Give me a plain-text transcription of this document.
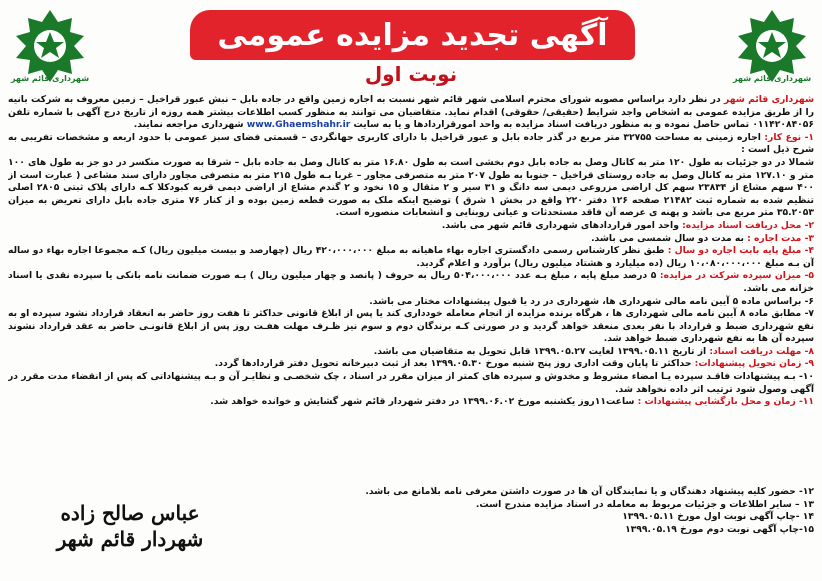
شهرداری قائم شهر	شهرداری قائم شهر
آگهی تجدید مزایده عمومی
نوبت اول

شهرداری قائم شهر در نظر دارد براساس مصوبه شورای محترم اسلامی شهر قائم شهر نسبت به اجاره زمین واقع در جاده بابل – نبش عبور قراخیل – زمین معروف به شرکت بانیه را از طریق مزایده عمومی به اشخاص واجد شرایط (حقیقی/ حقوقی) اقدام نماید. متقاضیان می توانند به منظور کسب اطلاعات بیشتر همه روزه از تاریخ درج آگهی با شماره تلفن ۰۱۱۴۲۰۸۴۰۵۶ تماس حاصل نموده و به منظور دریافت اسناد مزایده به واحد امورقراردادها و یا به سایت www.Ghaemshahr.ir شهرداری مراجعه نمایند.

۱- نوع کار: اجاره زمینی به مساحت ۳۲۷۵۵ متر مربع در گذر جاده بابل و عبور قراخیل با دارای کاربری جهانگردی – قسمتی فضای سبز عمومی با حدود اربعه و مشخصات تفریبی به شرح ذیل است :

شمالا در دو جزئیات به طول ۱۲۰ متر به کانال وصل به جاده بابل دوم بخشی است به طول ۱۶.۸۰ متر به کانال وصل به جاده بابل – شرقا به صورت منکسر در دو جز به طول های ۱۰۰ متر و ۱۲۷.۱۰ متر به کانال وصل به جاده روستای قراخیل – جنوبا به طول ۲۰۷ متر به متصرفی مجاور – غربا بـه طول ۲۱۵ متر به متصرفی مجاور دارای سند مشاعی ( عبارت است از ۴۰۰ سهم مشاع از ۲۳۸۳۴ سهم کل اراضی مزروعی دیمی سه دانگ و ۳۱ سیر و ۲ مثقال و ۱۵ نخود و ۲ گندم مشاع از اراضی دیمی قریه کبودکلا کـه دارای پلاک ثبتی ۲۸۰۵ اصلی تنظیم شده به شماره ثبت ۲۱۴۸۲ صفحه ۱۲۶ دفتر ۲۲۰ واقع در بخش ۱ شرق ) توضیح اینکه ملک به صورت قطعه زمین بوده و از کنار ۷۶ متری جاده بابل دارای تعریض به میزان ۳۵.۲۰۵۳ متر مربع می باشد و پهنه ی عرصه آن فاقد مستحدثات و عیانی روبنایی و انشعابات منصوره است.

۲- محل دریافت اسناد مزایده: واحد امور قراردادهای شهرداری قائم شهر می باشد.

۳- مدت اجاره : به مدت دو سال شمسی می باشد.

۴- مبلغ پایه بابت اجاره دو سال : طبق نظر کارشناس رسمی دادگستری اجاره بهاء ماهیانه به مبلغ ۴۲۰،۰۰۰،۰۰۰ ریال (چهارصد و بیست میلیون ریال) کـه مجموعا اجاره بهاء دو ساله آن بـه مبلغ ۱۰،۰۸۰،۰۰۰،۰۰۰ ریال (ده میلیارد و هشتاد میلیون ریال) برآورد و اعلام گردید.

۵- میزان سپرده شرکت در مزایده: ۵ درصد مبلغ پایه ، مبلغ بـه عدد ۵۰۴،۰۰۰،۰۰۰ ریال به حروف ( پانصد و چهار میلیون ریال ) بـه صورت ضمانت نامه بانکی یا سپرده نقدی یا اسناد خزانه می باشد.

۶- براساس ماده ۵ آیین نامه مالی شهرداری ها، شهرداری در رد یا قبول پیشنهادات مختار می باشد.

۷- مطابق ماده ۸ آیین نامه مالی شهرداری ها ، هرگاه برنده مزایده از انجام معامله خودداری کند یا پس از ابلاغ قانونی حداکثر تا هفت روز حاضر به انعقاد قرارداد نشود سپرده او به نفع شهرداری ضبط و قرارداد با نفر بعدی منعقد خواهد گردید و در صورتی کـه برندگان دوم و سوم نیز ظـرف مهلت هفـت روز پس از ابلاغ قانونـی حاضر به عقد قرارداد نشوند سپرده آن ها به نفع شهرداری ضبط خواهد شد.

۸- مهلت دریافت اسناد: از تاریخ ۱۳۹۹.۰۵.۱۱ لغایت ۱۳۹۹.۰۵.۲۷ قابل تحویل به متقاضیان می باشد.

۹- زمان تحویل پیشنهادات: حداکثر تا پایان وقت اداری روز پنج شنبه مورخ ۱۳۹۹.۰۵.۳۰ بعد از ثبت دبیرخانه تحویل دفتر قراردادها گردد.

۱۰- بـه پیشنهادات فاقـد سپرده یـا امضاء مشروط و مخدوش و سپرده های کمتر از میزان مقرر در اسناد ، چک شخصـی و نظایـر آن و بـه پیشنهاداتی که پس از انقضاء مدت مقرر در آگهی وصول شود ترتیب اثر داده نخواهد شد.

۱۱- زمان و محل بازگشایی پیشنهادات : ساعت۱۱روز یکشنبه مورخ ۱۳۹۹.۰۶.۰۲ در دفتر شهردار قائم شهر گشایش و خوانده خواهد شد.

۱۲- حضور کلیه پیشنهاد دهندگان و یا نمایندگان آن ها در صورت داشتن معرفی نامه بلامانع می باشد.

۱۳ – سایر اطلاعات و جزئیات مربوط به معامله در اسناد مزایده مندرج است.

۱۴ -چاپ آگهی نوبت اول مورخ ۱۳۹۹.۰۵.۱۱

۱۵-چاپ آگهی نوبت دوم مورخ ۱۳۹۹.۰۵.۱۹

عباس صالح زاده
شهردار قائم شهر
